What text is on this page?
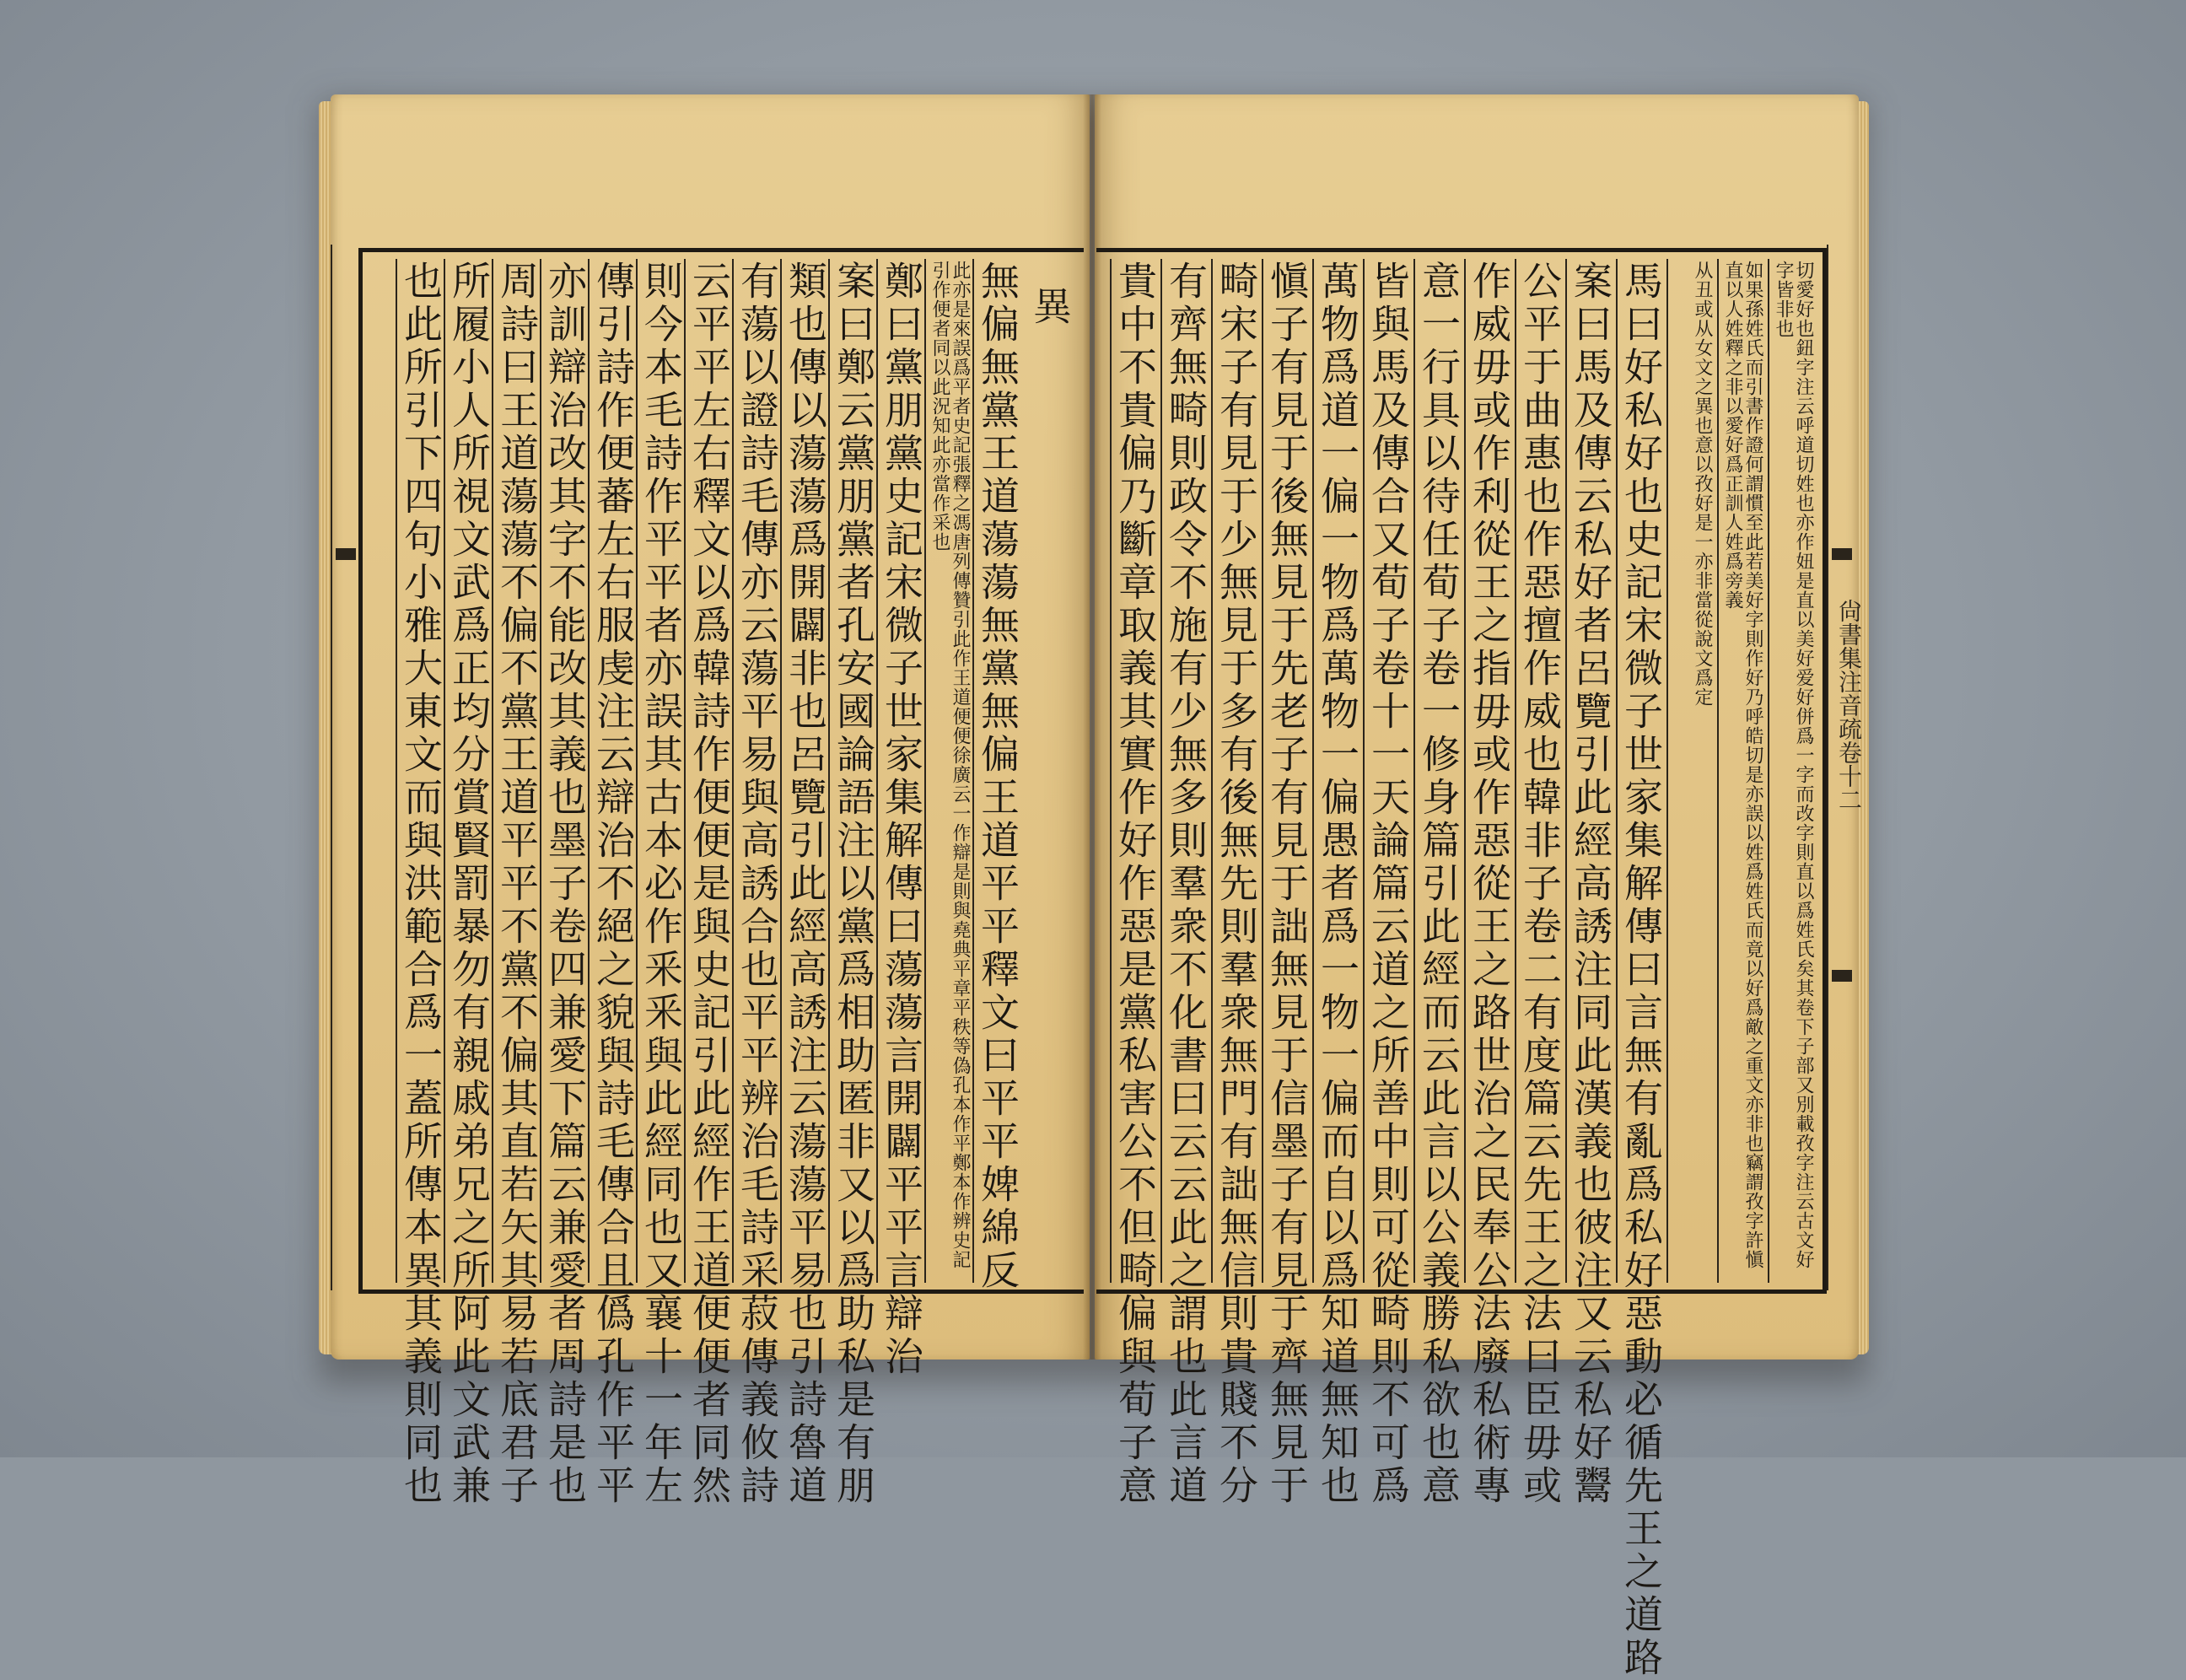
異
無偏無黨王道蕩蕩無黨無偏王道平平釋文曰平平婢綿反
此亦是來誤爲平者史記張釋之馮唐列傳贊引此作王道便便徐廣云一作辯是則與堯典平章平秩等偽孔本作平鄭本作辨史記引作便者同以此況知此亦當作采也
鄭曰黨朋黨史記宋微子世家集解傳曰蕩蕩言開闢平平言辯治
案曰鄭云黨朋黨者孔安國論語注以黨爲相助匿非又以爲助私是有朋
類也傳以蕩蕩爲開闢非也呂覽引此經高誘注云蕩蕩平易也引詩魯道
有蕩以證詩毛傳亦云蕩平易與高誘合也平平辨治毛詩采菽傳義攸詩
云平平左右釋文以爲韓詩作便便是與史記引此經作王道便便者同然
則今本毛詩作平平者亦誤其古本必作釆釆與此經同也又襄十一年左
傳引詩作便蕃左右服虔注云辯治不絕之貌與詩毛傳合且僞孔作平平
亦訓辯治改其字不能改其義也墨子卷四兼愛下篇云兼愛者周詩是也
周詩曰王道蕩蕩不偏不黨王道平平不黨不偏其直若矢其易若底君子
所履小人所視文武爲正均分賞賢罰暴勿有親戚弟兄之所阿此文武兼
也此所引下四句小雅大東文而與洪範合爲一蓋所傳本異其義則同也	切愛好也鈕字注云呼道切姓也亦作妞是直以美好爱好併爲一字而改字則直以爲姓氏矣其卷下子部又別載孜字注云古文好字皆非也
如果孫姓氏而引書作證何謂慣至此若美好字則作好乃呼皓切是亦誤以姓爲姓氏而竟以好爲敵之重文亦非也竊謂孜字許愼直以人姓釋之非以愛好爲正訓人姓爲旁義
从丑或从女文之異也意以孜好是一亦非當從說文爲定
馬曰好私好也史記宋微子世家集解傳曰言無有亂爲私好惡動必循先王之道路
案曰馬及傳云私好者呂覽引此經高誘注同此漢義也彼注又云私好鬻
公平于曲惠也作惡擅作威也韓非子卷二有度篇云先王之法曰臣毋或
作威毋或作利從王之指毋或作惡從王之路世治之民奉公法廢私術專
意一行具以待任荀子卷一修身篇引此經而云此言以公義勝私欲也意
皆與馬及傳合又荀子卷十一天論篇云道之所善中則可從畸則不可爲
萬物爲道一偏一物爲萬物一偏愚者爲一物一偏而自以爲知道無知也
愼子有見于後無見于先老子有見于詘無見于信墨子有見于齊無見于
畸宋子有見于少無見于多有後無先則羣衆無門有詘無信則貴賤不分
有齊無畸則政令不施有少無多則羣衆不化書曰云云此之謂也此言道
貴中不貴偏乃斷章取義其實作好作惡是黨私害公不但畸偏與荀子意	尙書集注音疏卷十二
